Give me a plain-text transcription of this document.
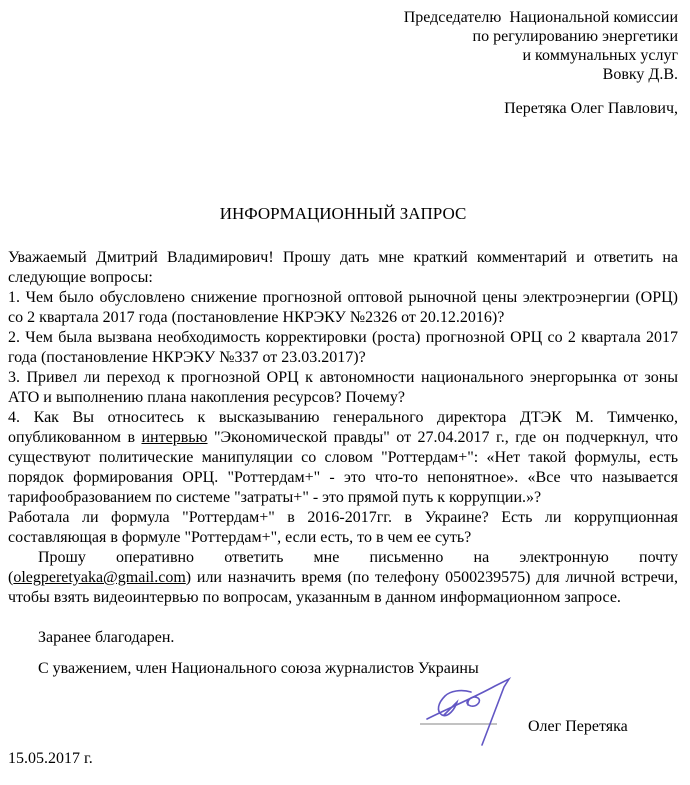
Председателю  Национальной комиссии
по регулированию энергетики
и коммунальных услуг
Вовку Д.В.
Перетяка Олег Павлович,
ИНФОРМАЦИОННЫЙ ЗАПРОС

Уважаемый Дмитрий Владимирович! Прошу дать мне краткий комментарий и ответить на следующие вопросы:

1. Чем было обусловлено снижение прогнозной оптовой рыночной цены электроэнергии (ОРЦ) со 2 квартала 2017 года (постановление НКРЭКУ №2326 от 20.12.2016)?

2. Чем была вызвана необходимость корректировки (роста) прогнозной ОРЦ со 2 квартала 2017 года (постановление НКРЭКУ №337 от 23.03.2017)?

3. Привел ли переход к прогнозной ОРЦ к автономности национального энергорынка от зоны АТО и выполнению плана накопления ресурсов? Почему?

4. Как Вы относитесь к высказыванию генерального директора ДТЭК М. Тимченко, опубликованном в интервью "Экономической правды" от 27.04.2017 г., где он подчеркнул, что существуют политические манипуляции со словом "Роттердам+": «Нет такой формулы, есть порядок формирования ОРЦ. "Роттердам+" - это что-то непонятное». «Все что называется тарифообразованием по системе "затраты+" - это прямой путь к коррупции.»?

Работала ли формула "Роттердам+" в 2016-2017гг. в Украине? Есть ли коррупционная составляющая в формуле "Роттердам+", если есть, то в чем ее суть?

Прошу оперативно ответить мне письменно на электронную почту (olegperetyaka@gmail.com) или назначить время (по телефону 0500239575) для личной встречи, чтобы взять видеоинтервью по вопросам, указанным в данном информационном запросе.

Заранее благодарен.
С уважением, член Национального союза журналистов Украины
Олег Перетяка
15.05.2017 г.
